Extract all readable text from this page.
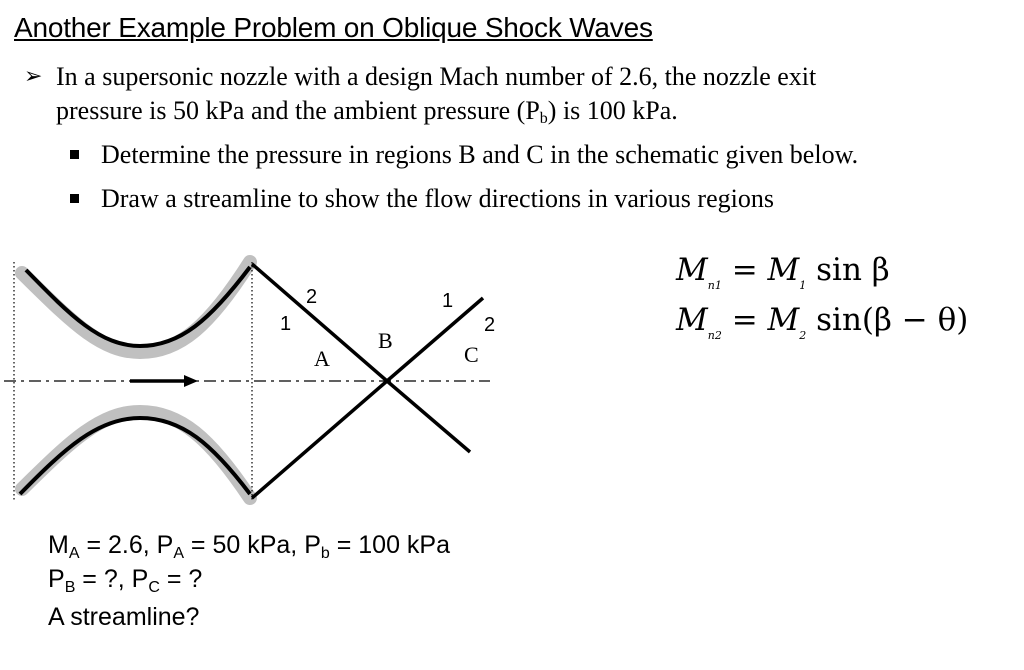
Another Example Problem on Oblique Shock Waves
➢ In a supersonic nozzle with a design Mach number of 2.6, the nozzle exit
pressure is 50 kPa and the ambient pressure $(P_b)$ is 100 kPa.
Determine the pressure in regions B and C in the schematic given below.
Draw a streamline to show the flow directions in various regions
1
2	1
2
A
B
C
$M_{n1} = M_1$ sin β
$M_{n2} = M_2$ sin(β − θ)
$M_A = 2.6$, $P_A = 50$ kPa, $P_b = 100$ kPa
$P_B$ = ?, $P_C$ = ?
A streamline?
